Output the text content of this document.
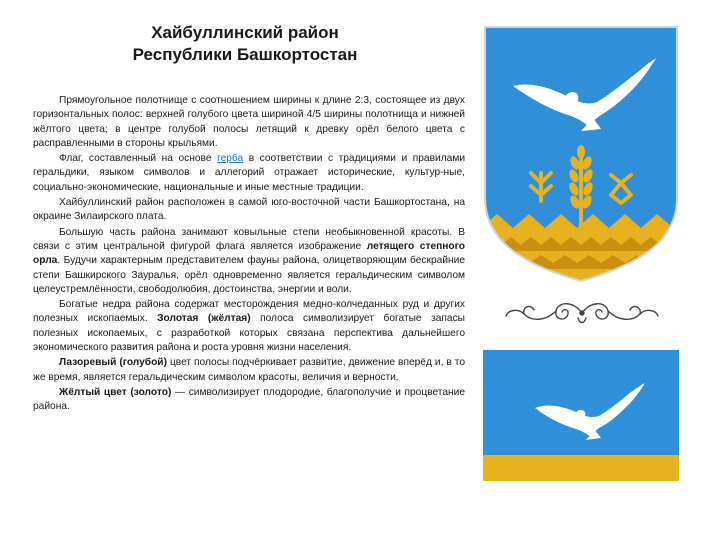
Хайбуллинский район
Республики Башкортостан

Прямоугольное полотнище с соотношением ширины к длине 2:3, состоящее из двух горизонтальных полос: верхней голубого цвета шириной 4/5 ширины полотнища и нижней жёлтого цвета; в центре голубой полосы летящий к древку орёл белого цвета с расправленными в стороны крыльями.

Флаг, составленный на основе герба в соответствии с традициями и правилами геральдики, языком символов и аллегорий отражает исторические, культур-ные, социально-экономические, национальные и иные местные традиции.

Хайбуллинский район расположен в самой юго-восточной части Башкортостана, на окраине Зилаирского плата.

Большую часть района занимают ковыльные степи необыкновенной красоты. В связи с этим центральной фигурой флага является изображение летящего степного орла. Будучи характерным представителем фауны района, олицетворяющим бескрайние степи Башкирского Зауралья, орёл одновременно является геральдическим символом целеустремлённости, свободолюбия, достоинства, энергии и воли.

Богатые недра района содержат месторождения медно-колчеданных руд и других полезных ископаемых. Золотая (жёлтая) полоса символизирует богатые запасы полезных ископаемых, с разработкой которых связана перспектива дальнейшего экономического развития района и роста уровня жизни населения.

Лазоревый (голубой) цвет полосы подчёркивает развитие, движение вперёд и, в то же время, является геральдическим символом красоты, величия и верности.

Жёлтый цвет (золото) — символизирует плодородие, благополучие и процветание района.
